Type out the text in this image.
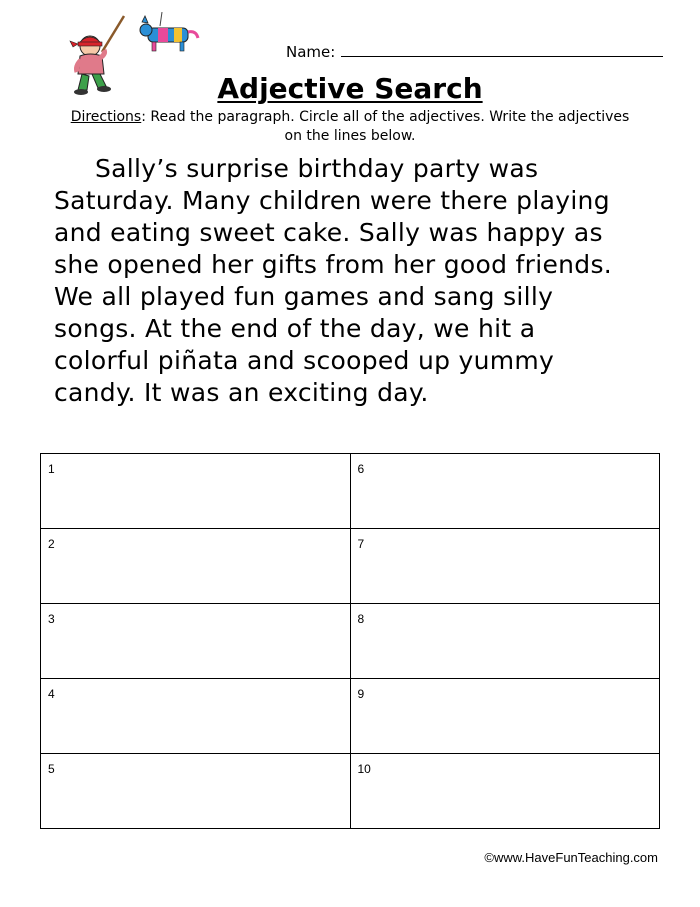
Name:
Adjective Search
Directions: Read the paragraph. Circle all of the adjectives. Write the adjectives on the lines below.
Sally’s surprise birthday party was
Saturday. Many children were there playing
and eating sweet cake. Sally was happy as
she opened her gifts from her good friends.
We all played fun games and sang silly
songs. At the end of the day, we hit a
colorful piñata and scooped up yummy
candy. It was an exciting day.
1	6
2	7
3	8
4	9
5	10
©www.HaveFunTeaching.com
